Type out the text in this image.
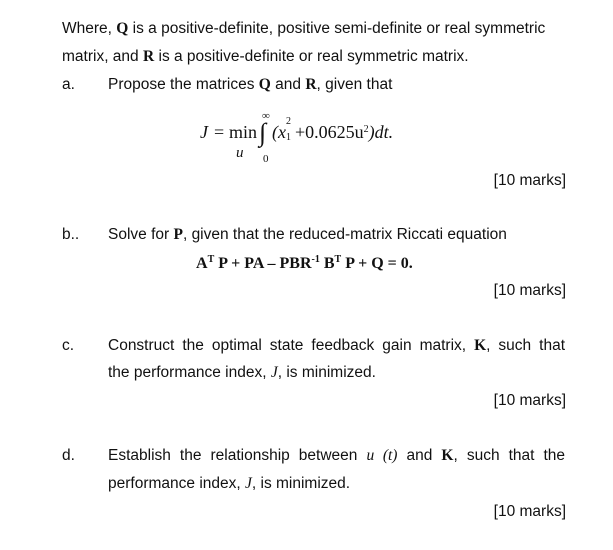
Where, Q is a positive-definite, positive semi-definite or real symmetric
matrix, and R is a positive-definite or real symmetric matrix.
a. Propose the matrices Q and R, given that
J = min
u
∞
∫
0
(x
2
$1 +0.0625u^2)dt$.
[10 marks]
b.. Solve for P, given that the reduced-matrix Riccati equation
$A^T$ P + PA – $PBR^{-1}$ $B^T$ P + Q = 0.
[10 marks]
c. Construct the optimal state feedback gain matrix, K, such that
the performance index, J, is minimized.
[10 marks]
d. Establish the relationship between u (t) and K, such that the
performance index, J, is minimized.
[10 marks]
